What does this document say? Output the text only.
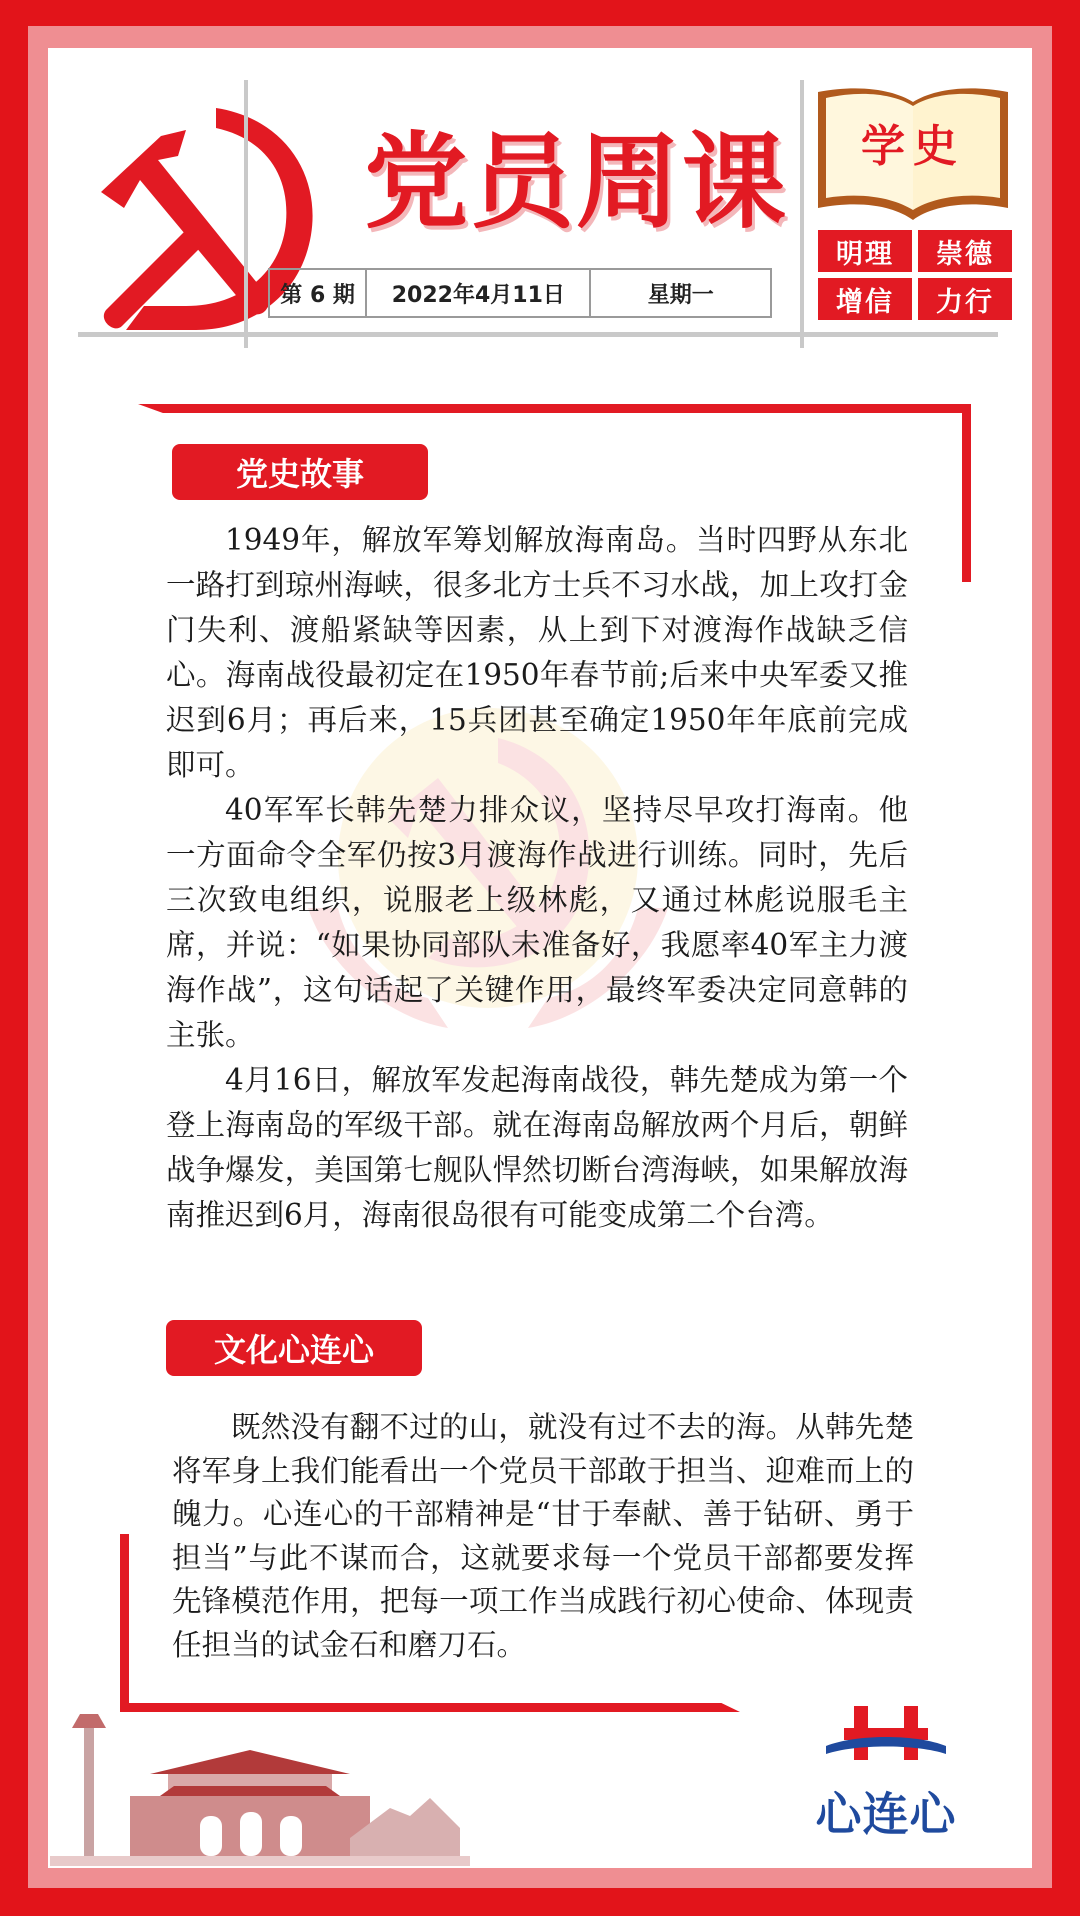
党员周课
第 6 期	2022年4月11日	星期一
学史
明理	崇德
增信	力行
党史故事

1949年，解放军筹划解放海南岛。当时四野从东北一路打到琼州海峡，很多北方士兵不习水战，加上攻打金门失利、渡船紧缺等因素，从上到下对渡海作战缺乏信心。海南战役最初定在1950年春节前;后来中央军委又推迟到6月；再后来，15兵团甚至确定1950年年底前完成即可。

40军军长韩先楚力排众议，坚持尽早攻打海南。他一方面命令全军仍按3月渡海作战进行训练。同时，先后三次致电组织，说服老上级林彪，又通过林彪说服毛主席，并说：“如果协同部队未准备好，我愿率40军主力渡海作战”，这句话起了关键作用，最终军委决定同意韩的主张。

4月16日，解放军发起海南战役，韩先楚成为第一个登上海南岛的军级干部。就在海南岛解放两个月后，朝鲜战争爆发，美国第七舰队悍然切断台湾海峡，如果解放海南推迟到6月，海南很岛很有可能变成第二个台湾。

文化心连心

既然没有翻不过的山，就没有过不去的海。从韩先楚将军身上我们能看出一个党员干部敢于担当、迎难而上的魄力。心连心的干部精神是“甘于奉献、善于钻研、勇于担当”与此不谋而合，这就要求每一个党员干部都要发挥先锋模范作用，把每一项工作当成践行初心使命、体现责任担当的试金石和磨刀石。

心连心
